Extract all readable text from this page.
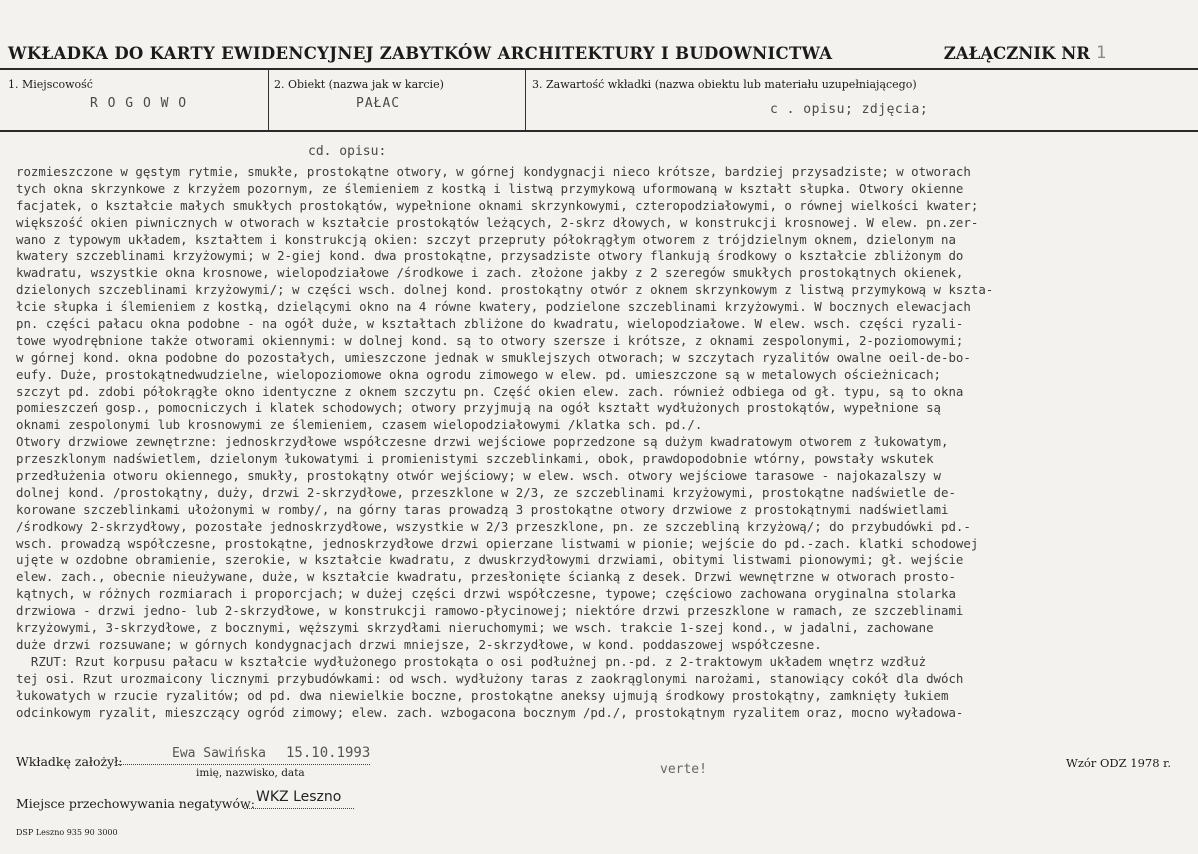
WKŁADKA DO KARTY EWIDENCYJNEJ ZABYTKÓW ARCHITEKTURY I BUDOWNICTWA	ZAŁĄCZNIK NR 1
1. Miejscowość
R O G O W O
2. Obiekt (nazwa jak w karcie)
PAŁAC
3. Zawartość wkładki (nazwa obiektu lub materiału uzupełniającego)
c . opisu; zdjęcia;
cd. opisu:
rozmieszczone w gęstym rytmie, smukłe, prostokątne otwory, w górnej kondygnacji nieco krótsze, bardziej przysadziste; w otworach
tych okna skrzynkowe z krzyżem pozornym, ze ślemieniem z kostką i listwą przymykową uformowaną w kształt słupka. Otwory okienne
facjatek, o kształcie małych smukłych prostokątów, wypełnione oknami skrzynkowymi, czteropodziałowymi, o równej wielkości kwater;
większość okien piwnicznych w otworach w kształcie prostokątów leżących, 2-skrz dłowych, w konstrukcji krosnowej. W elew. pn.zer-
wano z typowym układem, kształtem i konstrukcją okien: szczyt przepruty półokrągłym otworem z trójdzielnym oknem, dzielonym na
kwatery szczeblinami krzyżowymi; w 2-giej kond. dwa prostokątne, przysadziste otwory flankują środkowy o kształcie zbliżonym do
kwadratu, wszystkie okna krosnowe, wielopodziałowe /środkowe i zach. złożone jakby z 2 szeregów smukłych prostokątnych okienek,
dzielonych szczeblinami krzyżowymi/; w części wsch. dolnej kond. prostokątny otwór z oknem skrzynkowym z listwą przymykową w kszta-
łcie słupka i ślemieniem z kostką, dzielącymi okno na 4 równe kwatery, podzielone szczeblinami krzyżowymi. W bocznych elewacjach
pn. części pałacu okna podobne - na ogół duże, w kształtach zbliżone do kwadratu, wielopodziałowe. W elew. wsch. części ryzali-
towe wyodrębnione także otworami okiennymi: w dolnej kond. są to otwory szersze i krótsze, z oknami zespolonymi, 2-poziomowymi;
w górnej kond. okna podobne do pozostałych, umieszczone jednak w smuklejszych otworach; w szczytach ryzalitów owalne oeil-de-bo-
eufy. Duże, prostokątnedwudzielne, wielopoziomowe okna ogrodu zimowego w elew. pd. umieszczone są w metalowych ościeżnicach;
szczyt pd. zdobi półokrągłe okno identyczne z oknem szczytu pn. Część okien elew. zach. również odbiega od gł. typu, są to okna
pomieszczeń gosp., pomocniczych i klatek schodowych; otwory przyjmują na ogół kształt wydłużonych prostokątów, wypełnione są
oknami zespolonymi lub krosnowymi ze ślemieniem, czasem wielopodziałowymi /klatka sch. pd./.
Otwory drzwiowe zewnętrzne: jednoskrzydłowe współczesne drzwi wejściowe poprzedzone są dużym kwadratowym otworem z łukowatym,
przeszklonym nadświetlem, dzielonym łukowatymi i promienistymi szczeblinkami, obok, prawdopodobnie wtórny, powstały wskutek
przedłużenia otworu okiennego, smukły, prostokątny otwór wejściowy; w elew. wsch. otwory wejściowe tarasowe - najokazalszy w
dolnej kond. /prostokątny, duży, drzwi 2-skrzydłowe, przeszklone w 2/3, ze szczeblinami krzyżowymi, prostokątne nadświetle de-
korowane szczeblinkami ułożonymi w romby/, na górny taras prowadzą 3 prostokątne otwory drzwiowe z prostokątnymi nadświetlami
/środkowy 2-skrzydłowy, pozostałe jednoskrzydłowe, wszystkie w 2/3 przeszklone, pn. ze szczebliną krzyżową/; do przybudówki pd.-
wsch. prowadzą współczesne, prostokątne, jednoskrzydłowe drzwi opierzane listwami w pionie; wejście do pd.-zach. klatki schodowej
ujęte w ozdobne obramienie, szerokie, w kształcie kwadratu, z dwuskrzydłowymi drzwiami, obitymi listwami pionowymi; gł. wejście
elew. zach., obecnie nieużywane, duże, w kształcie kwadratu, przesłonięte ścianką z desek. Drzwi wewnętrzne w otworach prosto-
kątnych, w różnych rozmiarach i proporcjach; w dużej części drzwi współczesne, typowe; częściowo zachowana oryginalna stolarka
drzwiowa - drzwi jedno- lub 2-skrzydłowe, w konstrukcji ramowo-płycinowej; niektóre drzwi przeszklone w ramach, ze szczeblinami
krzyżowymi, 3-skrzydłowe, z bocznymi, węższymi skrzydłami nieruchomymi; we wsch. trakcie 1-szej kond., w jadalni, zachowane
duże drzwi rozsuwane; w górnych kondygnacjach drzwi mniejsze, 2-skrzydłowe, w kond. poddaszowej współczesne.
RZUT: Rzut korpusu pałacu w kształcie wydłużonego prostokąta o osi podłużnej pn.-pd. z 2-traktowym układem wnętrz wzdłuż
tej osi. Rzut urozmaicony licznymi przybudówkami: od wsch. wydłużony taras z zaokrąglonymi narożami, stanowiący cokół dla dwóch
łukowatych w rzucie ryzalitów; od pd. dwa niewielkie boczne, prostokątne aneksy ujmują środkowy prostokątny, zamknięty łukiem
odcinkowym ryzalit, mieszczący ogród zimowy; elew. zach. wzbogacona bocznym /pd./, prostokątnym ryzalitem oraz, mocno wyładowa-
Wkładkę założył:
Ewa Sawińska 15.10.1993
imię, nazwisko, data	verte!	Wzór ODZ 1978 r.
Miejsce przechowywania negatywów: WKZ Leszno
DSP Leszno 935 90 3000
